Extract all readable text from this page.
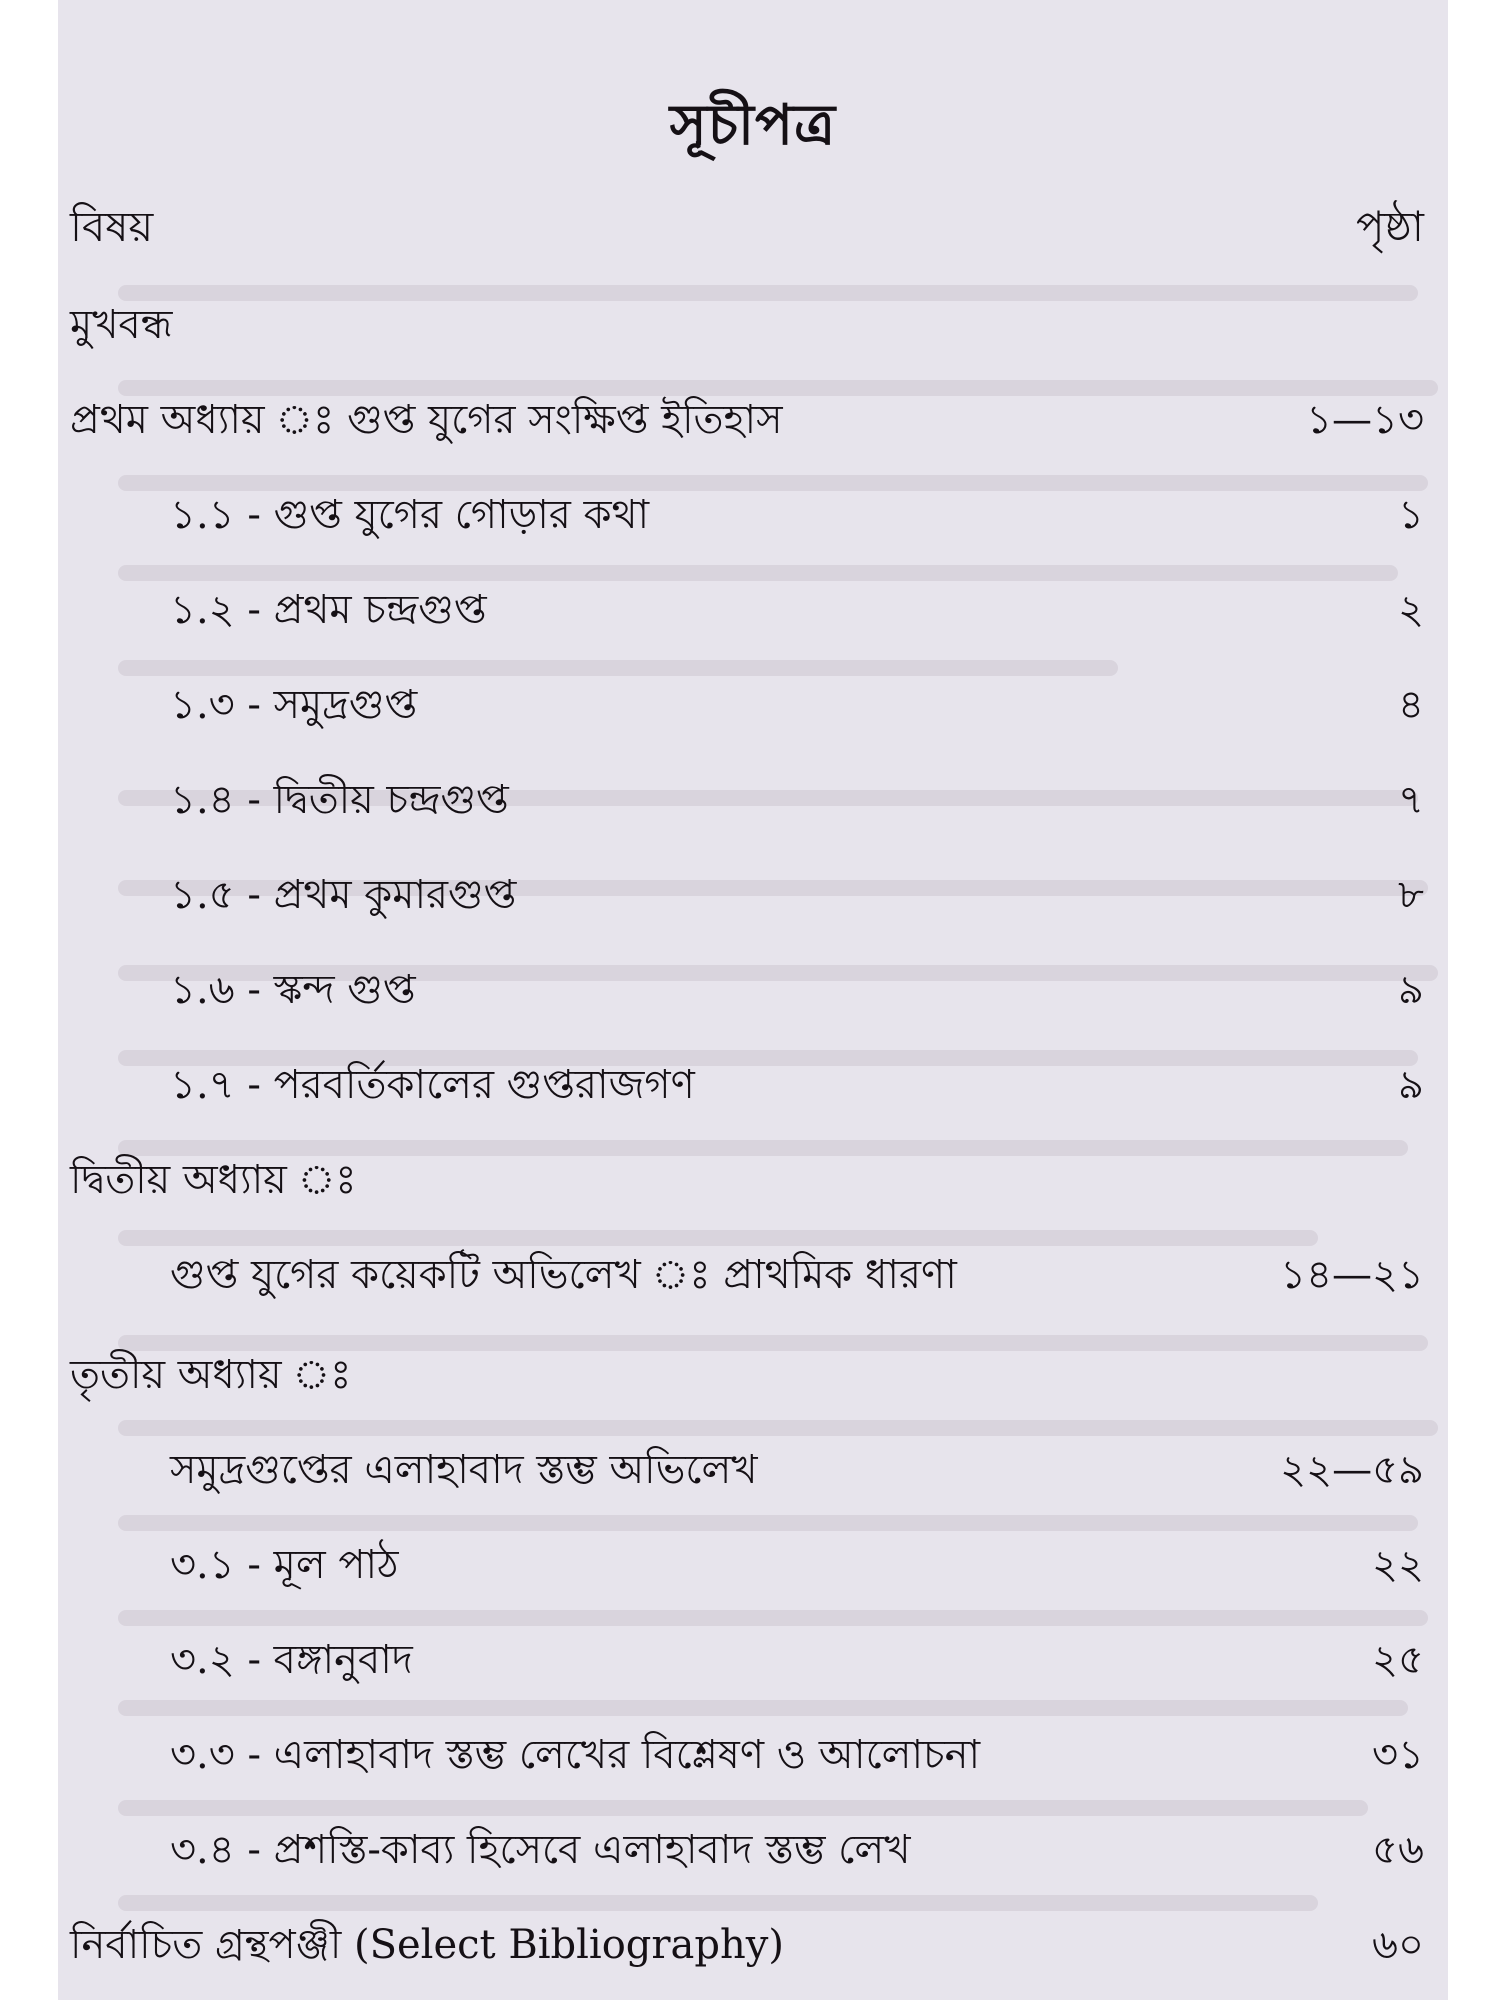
সূচীপত্র
বিষয়	পৃষ্ঠা
মুখবন্ধ
প্রথম অধ্যায় ঃ গুপ্ত যুগের সংক্ষিপ্ত ইতিহাস	১—১৩
১.১ - গুপ্ত যুগের গোড়ার কথা	১
১.২ - প্রথম চন্দ্রগুপ্ত	২
১.৩ - সমুদ্রগুপ্ত	৪
১.৪ - দ্বিতীয় চন্দ্রগুপ্ত	৭
১.৫ - প্রথম কুমারগুপ্ত	৮
১.৬ - স্কন্দ গুপ্ত	৯
১.৭ - পরবর্তিকালের গুপ্তরাজগণ	৯
দ্বিতীয় অধ্যায় ঃ
গুপ্ত যুগের কয়েকটি অভিলেখ ঃ প্রাথমিক ধারণা	১৪—২১
তৃতীয় অধ্যায় ঃ
সমুদ্রগুপ্তের এলাহাবাদ স্তম্ভ অভিলেখ	২২—৫৯
৩.১ - মূল পাঠ	২২
৩.২ - বঙ্গানুবাদ	২৫
৩.৩ - এলাহাবাদ স্তম্ভ লেখের বিশ্লেষণ ও আলোচনা	৩১
৩.৪ - প্রশস্তি-কাব্য হিসেবে এলাহাবাদ স্তম্ভ লেখ	৫৬
নির্বাচিত গ্রন্থপঞ্জী (Select Bibliography)	৬০
